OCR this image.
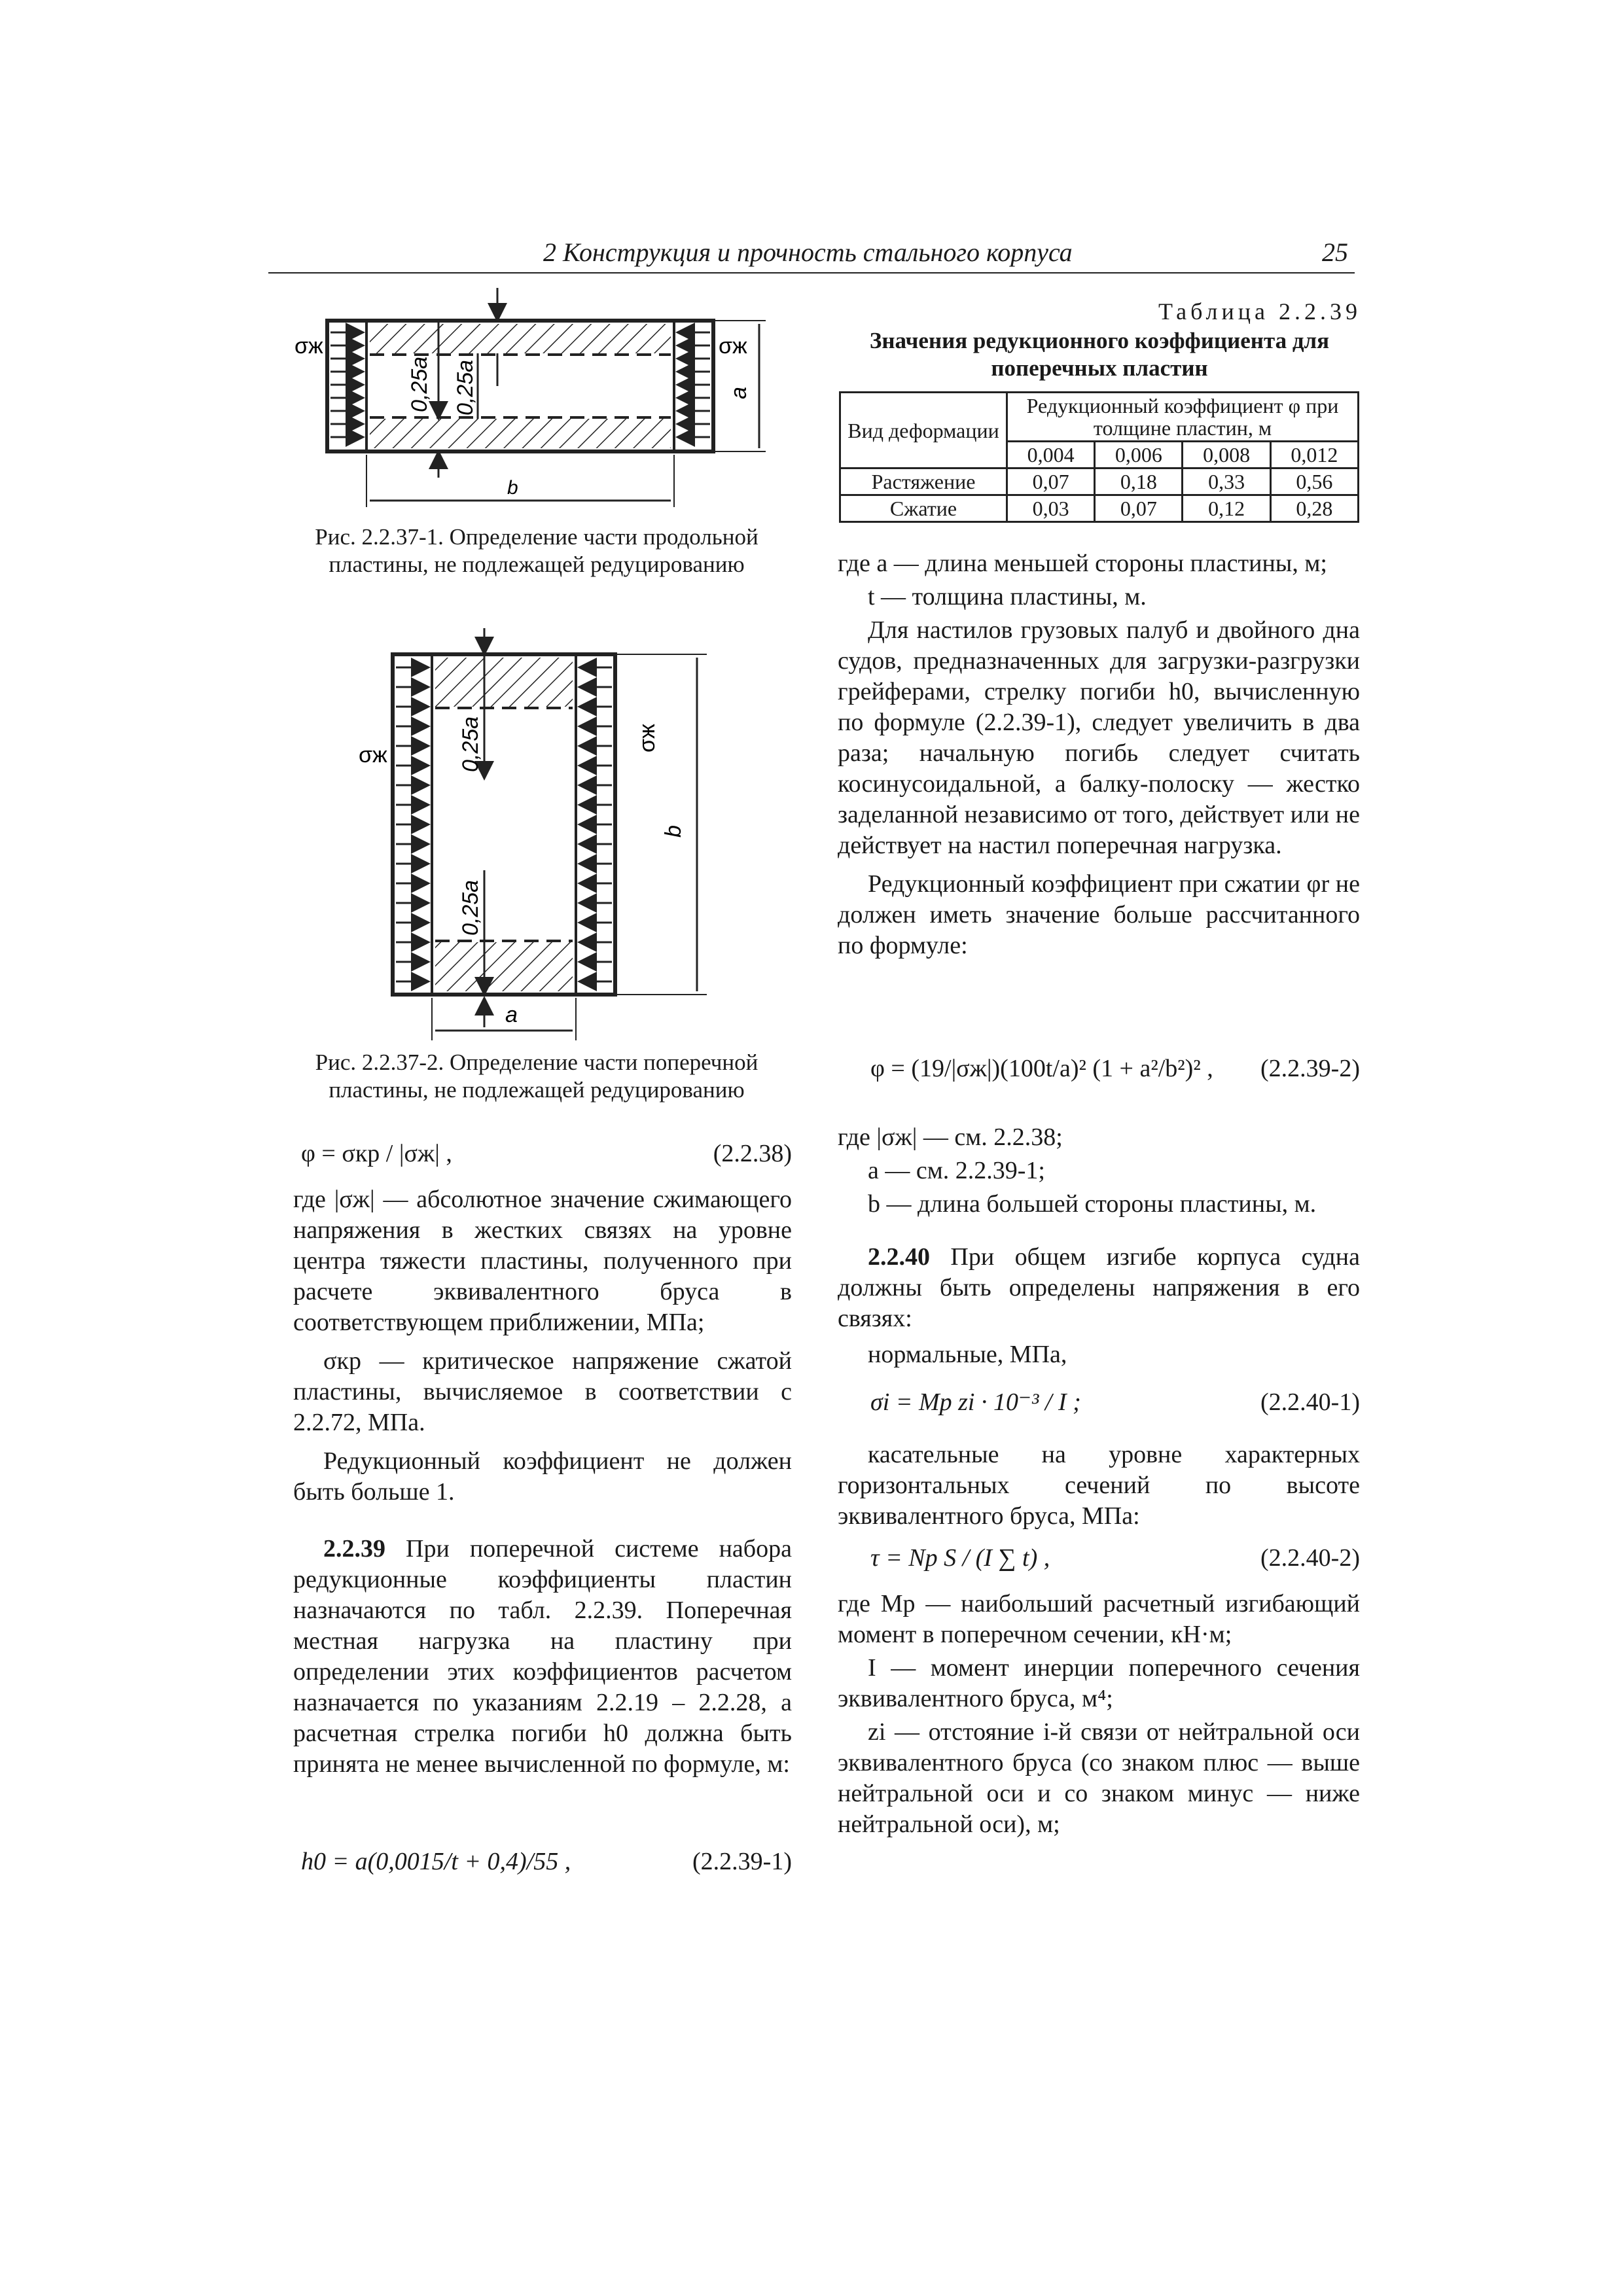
2 Конструкция и прочность стального корпуса	25
0,25a 0,25a
σж	σж
a
b
Рис. 2.2.37-1. Определение части продольной пластины, не подлежащей редуцированию
0,25a
0,25a
σж
σж
b
a
Рис. 2.2.37-2. Определение части поперечной пластины, не подлежащей редуцированию
φ = σкр / |σж| ,	(2.2.38)

где |σж| — абсолютное значение сжимающего напряжения в жестких связях на уровне центра тяжести пластины, полученного при расчете эквивалентного бруса в соответствующем приближении, МПа;

σкр — критическое напряжение сжатой пластины, вычисляемое в соответствии с 2.2.72, МПа.

Редукционный коэффициент не должен быть больше 1.

2.2.39 При поперечной системе набора редукционные коэффициенты пластин назначаются по табл. 2.2.39. Поперечная местная нагрузка на пластину при определении этих коэффициентов расчетом назначается по указаниям 2.2.19 – 2.2.28, а расчетная стрелка погиби h0 должна быть принята не менее вычисленной по формуле, м:

h0 = a(0,0015/t + 0,4)/55 ,	(2.2.39-1)
Таблица 2.2.39
Значения редукционного коэффициента для поперечных пластин
Вид деформации	Редукционный коэффициент φ при толщине пластин, м			
	0,004	0,006	0,008	0,012
Растяжение	0,07	0,18	0,33	0,56
Сжатие	0,03	0,07	0,12	0,28

где a — длина меньшей стороны пластины, м;

t — толщина пластины, м.

Для настилов грузовых палуб и двойного дна судов, предназначенных для загрузки-разгрузки грейферами, стрелку погиби h0, вычисленную по формуле (2.2.39-1), следует увеличить в два раза; начальную погибь следует считать косинусоидальной, а балку-полоску — жестко заделанной независимо от того, действует или не действует на настил поперечная нагрузка.

Редукционный коэффициент при сжатии φr не должен иметь значение больше рассчитанного по формуле:

φ = (19/|σж|)(100t/a)² (1 + a²/b²)² , (2.2.39-2)

где |σж| — см. 2.2.38;

a — см. 2.2.39-1;

b — длина большей стороны пластины, м.

2.2.40 При общем изгибе корпуса судна должны быть определены напряжения в его связях:

нормальные, МПа,

σi = Mр zi · 10⁻³ / I ;	(2.2.40-1)

касательные на уровне характерных горизонтальных сечений по высоте эквивалентного бруса, МПа:

τ = Nр S / (I ∑ t) ,	(2.2.40-2)

где Mр — наибольший расчетный изгибающий момент в поперечном сечении, кН·м;

I — момент инерции поперечного сечения эквивалентного бруса, м⁴;

zi — отстояние i-й связи от нейтральной оси эквивалентного бруса (со знаком плюс — выше нейтральной оси и со знаком минус — ниже нейтральной оси), м;
